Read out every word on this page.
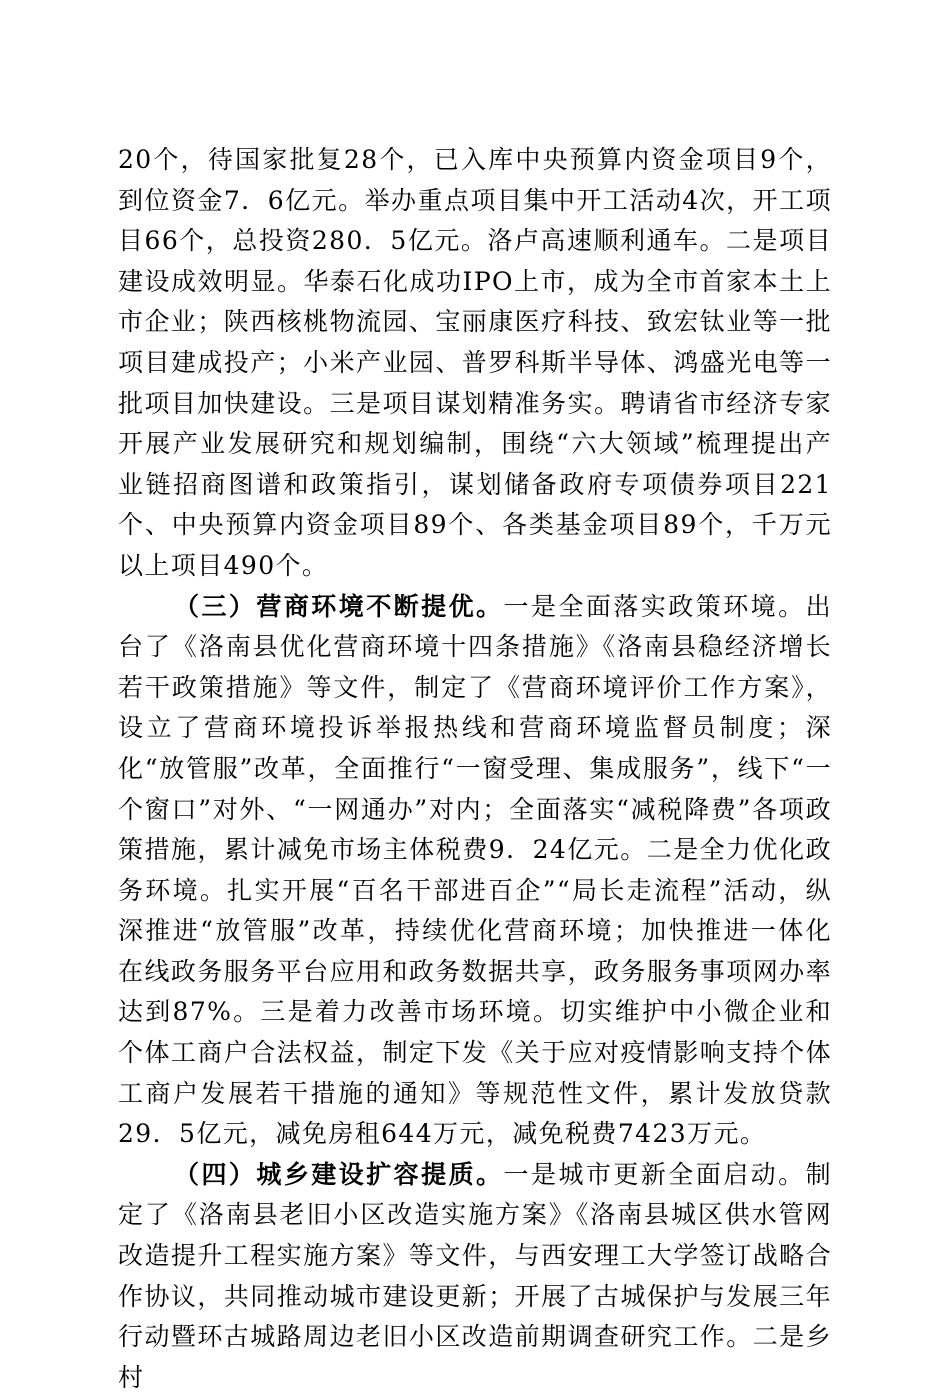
20个，待国家批复28个，已入库中央预算内资金项目9个，到位资金7．6亿元。举办重点项目集中开工活动4次，开工项目66个，总投资280．5亿元。洛卢高速顺利通车。二是项目建设成效明显。华泰石化成功IPO上市，成为全市首家本土上市企业；陕西核桃物流园、宝丽康医疗科技、致宏钛业等一批项目建成投产；小米产业园、普罗科斯半导体、鸿盛光电等一批项目加快建设。三是项目谋划精准务实。聘请省市经济专家开展产业发展研究和规划编制，围绕“六大领域”梳理提出产业链招商图谱和政策指引，谋划储备政府专项债券项目221个、中央预算内资金项目89个、各类基金项目89个，千万元以上项目490个。

（三）营商环境不断提优。一是全面落实政策环境。出台了《洛南县优化营商环境十四条措施》《洛南县稳经济增长若干政策措施》等文件，制定了《营商环境评价工作方案》，设立了营商环境投诉举报热线和营商环境监督员制度；深化“放管服”改革，全面推行“一窗受理、集成服务”，线下“一个窗口”对外、“一网通办”对内；全面落实“减税降费”各项政策措施，累计减免市场主体税费9．24亿元。二是全力优化政务环境。扎实开展“百名干部进百企”“局长走流程”活动，纵深推进“放管服”改革，持续优化营商环境；加快推进一体化在线政务服务平台应用和政务数据共享，政务服务事项网办率达到87%。三是着力改善市场环境。切实维护中小微企业和个体工商户合法权益，制定下发《关于应对疫情影响支持个体工商户发展若干措施的通知》等规范性文件，累计发放贷款29．5亿元，减免房租644万元，减免税费7423万元。

（四）城乡建设扩容提质。一是城市更新全面启动。制定了《洛南县老旧小区改造实施方案》《洛南县城区供水管网改造提升工程实施方案》等文件，与西安理工大学签订战略合作协议，共同推动城市建设更新；开展了古城保护与发展三年行动暨环古城路周边老旧小区改造前期调查研究工作。二是乡村
